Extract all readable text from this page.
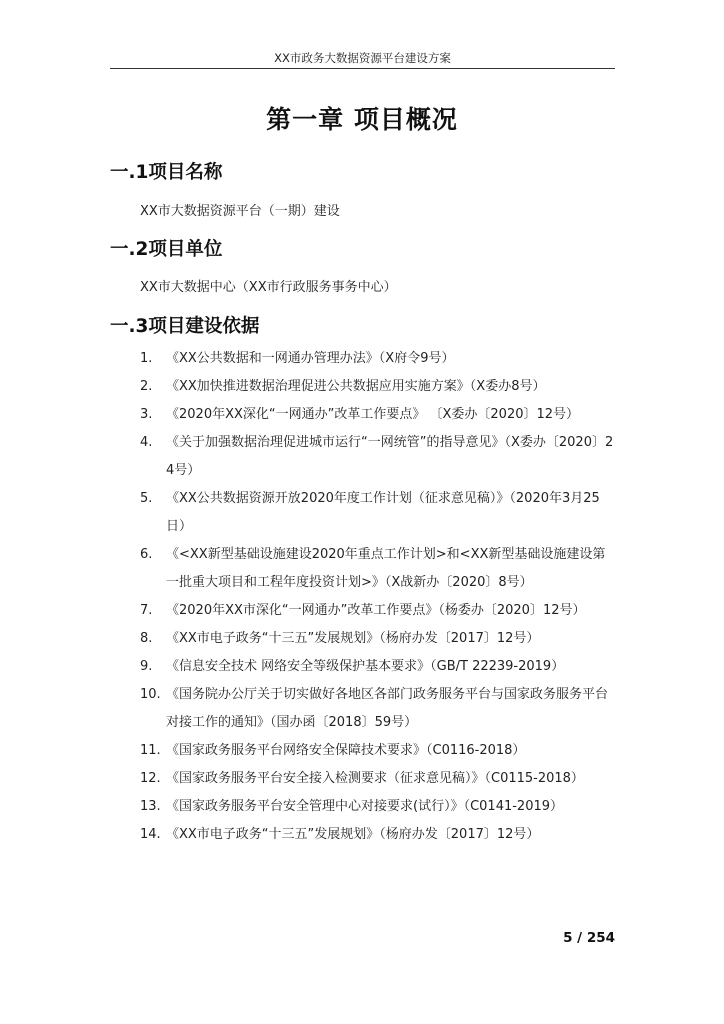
XX市政务大数据资源平台建设方案
第一章 项目概况
一.1项目名称
XX市大数据资源平台（一期）建设
一.2项目单位
XX市大数据中心（XX市行政服务事务中心）
一.3项目建设依据
1. 《XX公共数据和一网通办管理办法》（X府令9号）
2. 《XX加快推进数据治理促进公共数据应用实施方案》（X委办8号）
3. 《2020年XX深化“一网通办”改革工作要点》 〔X委办〔2020〕12号）
4. 《关于加强数据治理促进城市运行“一网统管”的指导意见》（X委办〔2020〕24号）
5. 《XX公共数据资源开放2020年度工作计划（征求意见稿）》（2020年3月25日）
6. 《<XX新型基础设施建设2020年重点工作计划>和<XX新型基础设施建设第一批重大项目和工程年度投资计划>》（X战新办〔2020〕8号）
7. 《2020年XX市深化“一网通办”改革工作要点》（杨委办〔2020〕12号）
8. 《XX市电子政务“十三五”发展规划》（杨府办发〔2017〕12号）
9. 《信息安全技术 网络安全等级保护基本要求》（GB/T 22239-2019）
10. 《国务院办公厅关于切实做好各地区各部门政务服务平台与国家政务服务平台对接工作的通知》（国办函〔2018〕59号）
11. 《国家政务服务平台网络安全保障技术要求》（C0116-2018）
12. 《国家政务服务平台安全接入检测要求（征求意见稿）》（C0115-2018）
13. 《国家政务服务平台安全管理中心对接要求(试行）》（C0141-2019）
14. 《XX市电子政务“十三五”发展规划》（杨府办发〔2017〕12号）
5 / 254
